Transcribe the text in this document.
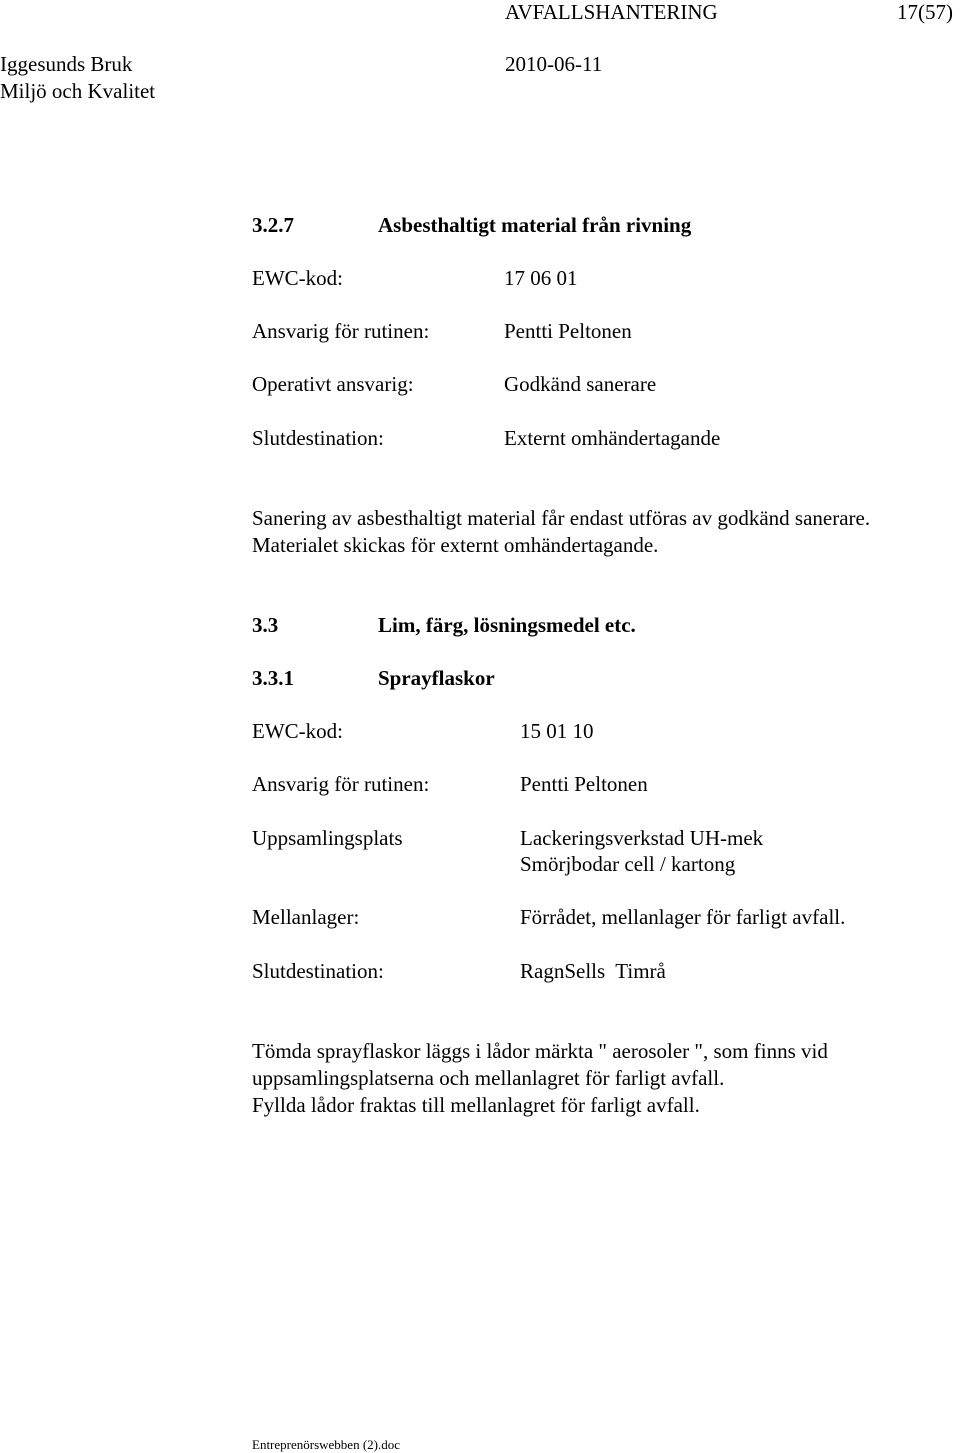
AVFALLSHANTERING	17(57)
Iggesunds Bruk	2010-06-11
Miljö och Kvalitet
3.2.7	Asbesthaltigt material från rivning
EWC-kod:	17 06 01
Ansvarig för rutinen:	Pentti Peltonen
Operativt ansvarig:	Godkänd sanerare
Slutdestination:	Externt omhändertagande
Sanering av asbesthaltigt material får endast utföras av godkänd sanerare.
Materialet skickas för externt omhändertagande.
3.3	Lim, färg, lösningsmedel etc.
3.3.1	Sprayflaskor
EWC-kod:	15 01 10
Ansvarig för rutinen:	Pentti Peltonen
Uppsamlingsplats	Lackeringsverkstad UH-mek
Smörjbodar cell / kartong
Mellanlager:	Förrådet, mellanlager för farligt avfall.
Slutdestination:	RagnSells  Timrå
Tömda sprayflaskor läggs i lådor märkta " aerosoler ", som finns vid
uppsamlingsplatserna och mellanlagret för farligt avfall.
Fyllda lådor fraktas till mellanlagret för farligt avfall.
Entreprenörswebben (2).doc
